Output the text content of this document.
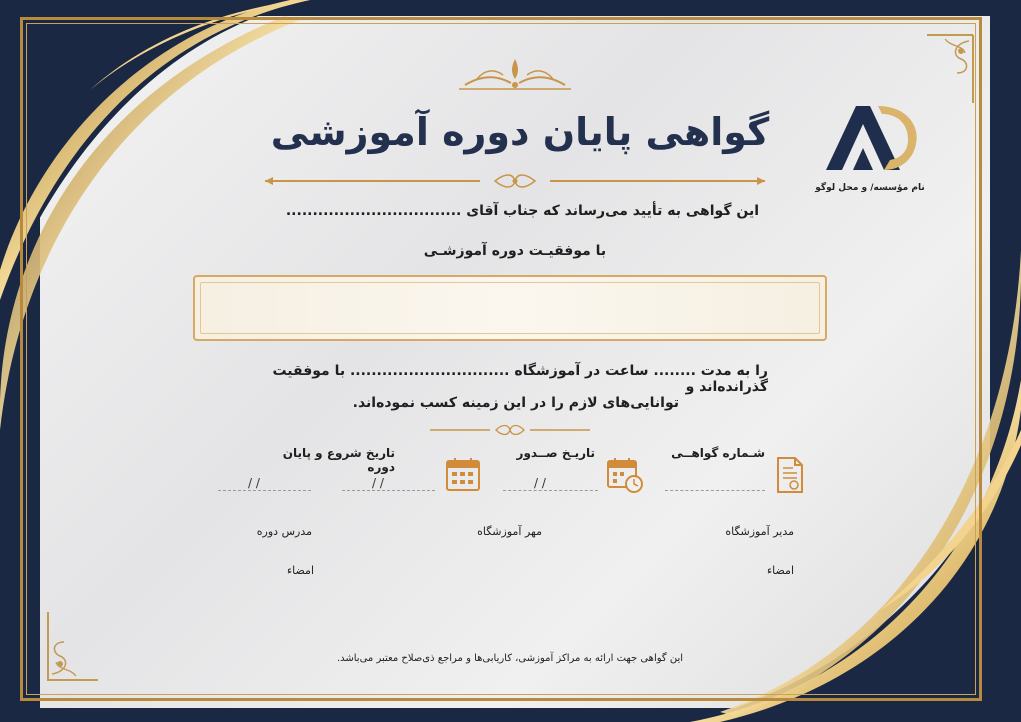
گواهی پایان دوره آموزشی
نام مؤسسه/ و محل لوگو
این گواهی به تأیید می‌رساند که جناب آقای .................................
با موفقیـت دوره آموزشـی
را به مدت ........ ساعت در آموزشگاه .............................. با موفقیت گذرانده‌اند و
توانایی‌های لازم را در این زمینه کسب نموده‌اند.
شـماره گواهــی
تاریـخ صــدور
/ /
تاریخ شروع و پایان دوره
/ /
/ /
مدیر آموزشگاه
مهر آموزشگاه
مدرس دوره
امضاء
امضاء
این گواهی جهت ارائه به مراکز آموزشی، کاریابی‌ها و مراجع ذی‌صلاح معتبر می‌باشد.
